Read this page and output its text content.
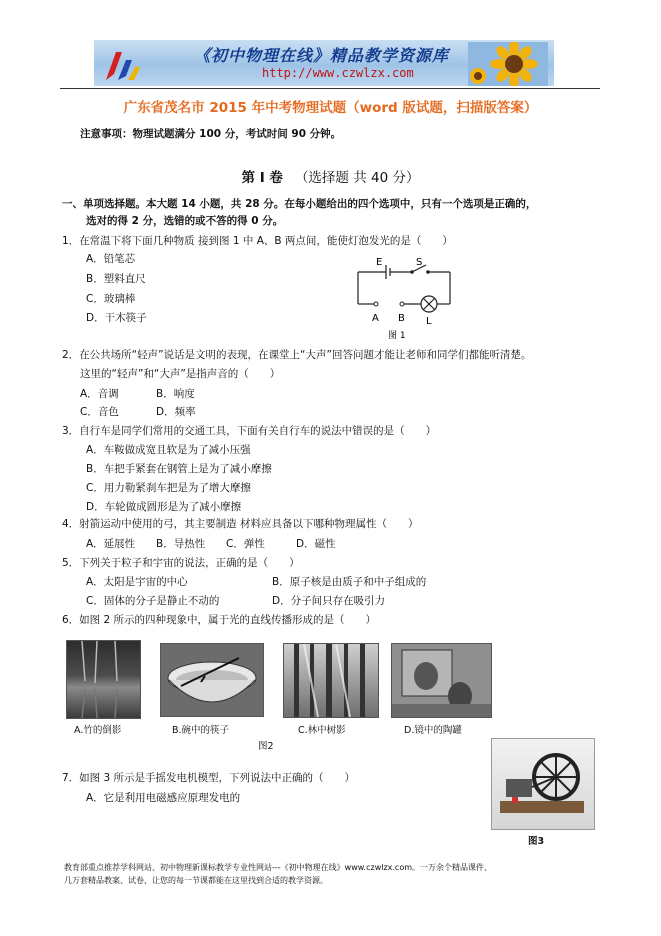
《初中物理在线》精品教学资源库
http://www.czwlzx.com
广东省茂名市 2015 年中考物理试题（word 版试题，扫描版答案）
注意事项：物理试题满分 100 分，考试时间 90 分钟。
第 I 卷 （选择题 共 40 分）
一、单项选择题。本大题 14 小题，共 28 分。在每小题给出的四个选项中，只有一个选项是正确的，
选对的得 2 分，选错的或不答的得 0 分。
1．在常温下将下面几种物质 接到图 1 中 A、B 两点间，能使灯泡发光的是（　　）
A．铅笔芯
B．塑料直尺
C．玻璃棒
D．干木筷子
E	S
A B L
图 1
2．在公共场所“轻声”说话是文明的表现，在课堂上“大声”回答问题才能让老师和同学们都能听清楚。
这里的“轻声”和“大声”是指声音的（　　）
A．音调	B．响度
C．音色	D．频率
3．自行车是同学们常用的交通工具，下面有关自行车的说法中错误的是（　　）
A．车鞍做成宽且软是为了减小压强
B．车把手紧套在钢管上是为了减小摩擦
C．用力勒紧刹车把是为了增大摩擦
D．车轮做成圆形是为了减小摩擦
4．射箭运动中使用的弓，其主要制造 材料应具备以下哪种物理属性（　　）
A．延展性 B．导热性 C．弹性	D．磁性
5．下列关于粒子和宇宙的说法，正确的是（　　）
A．太阳是宇宙的中心	B．原子核是由质子和中子组成的
C．固体的分子是静止不动的	D．分子间只存在吸引力
6．如图 2 所示的四种现象中，属于光的直线传播形成的是（　　）
A.竹的倒影	B.碗中的筷子	C.林中树影	D.镜中的陶罐
图2
7．如图 3 所示是手摇发电机模型，下列说法中正确的（　　）
A．它是利用电磁感应原理发电的
图3
教育部重点推荐学科网站、初中物理新课标教学专业性网站---《初中物理在线》www.czwlzx.com。一万余个精品课件、
几万套精品教案、试卷，让您的每一节课都能在这里找到合适的教学资源。
